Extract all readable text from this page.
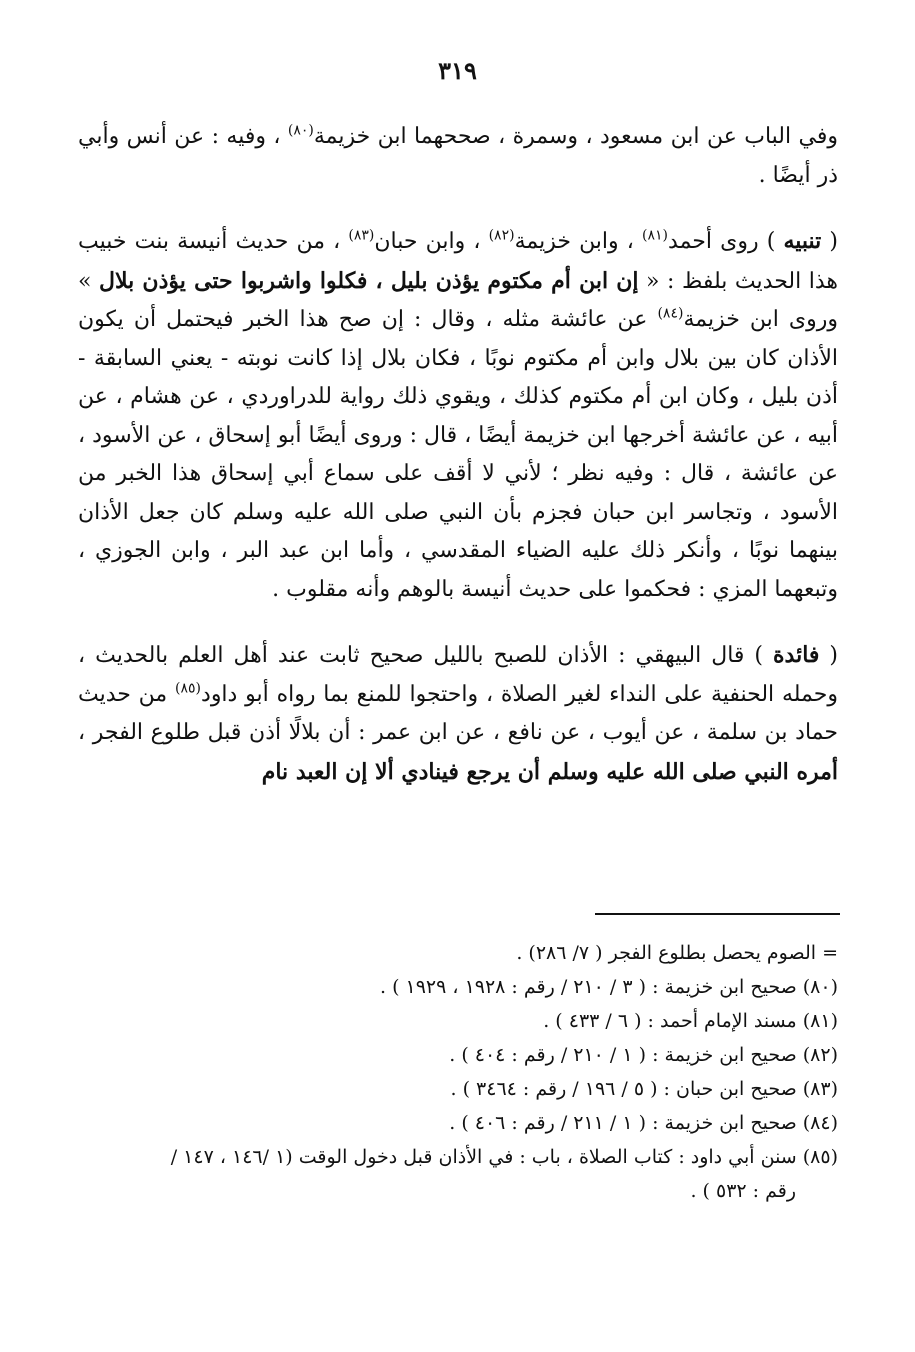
٣١٩

وفي الباب عن ابن مسعود ، وسمرة ، صححهما ابن خزيمة$^{(٨٠)}$ ، وفيه : عن أنس وأبي ذر أيضًا .

( تنبيه ) روى أحمد$^{(٨١)}$ ، وابن خزيمة$^{(٨٢)}$ ، وابن حبان$^{(٨٣)}$ ، من حديث أنيسة بنت خبيب هذا الحديث بلفظ : « إن ابن أم مكتوم يؤذن بليل ، فكلوا واشربوا حتى يؤذن بلال » وروى ابن خزيمة$^{(٨٤)}$ عن عائشة مثله ، وقال : إن صح هذا الخبر فيحتمل أن يكون الأذان كان بين بلال وابن أم مكتوم نوبًا ، فكان بلال إذا كانت نوبته - يعني السابقة - أذن بليل ، وكان ابن أم مكتوم كذلك ، ويقوي ذلك رواية للدراوردي ، عن هشام ، عن أبيه ، عن عائشة أخرجها ابن خزيمة أيضًا ، قال : وروى أيضًا أبو إسحاق ، عن الأسود ، عن عائشة ، قال : وفيه نظر ؛ لأني لا أقف على سماع أبي إسحاق هذا الخبر من الأسود ، وتجاسر ابن حبان فجزم بأن النبي صلى الله عليه وسلم كان جعل الأذان بينهما نوبًا ، وأنكر ذلك عليه الضياء المقدسي ، وأما ابن عبد البر ، وابن الجوزي ، وتبعهما المزي : فحكموا على حديث أنيسة بالوهم وأنه مقلوب .

( فائدة ) قال البيهقي : الأذان للصبح بالليل صحيح ثابت عند أهل العلم بالحديث ، وحمله الحنفية على النداء لغير الصلاة ، واحتجوا للمنع بما رواه أبو داود$^{(٨٥)}$ من حديث حماد بن سلمة ، عن أيوب ، عن نافع ، عن ابن عمر : أن بلالًا أذن قبل طلوع الفجر ، أمره النبي صلى الله عليه وسلم أن يرجع فينادي ألا إن العبد نام

= الصوم يحصل بطلوع الفجر ( ٧/ ٢٨٦) .

(٨٠)صحيح ابن خزيمة : ( ٣ / ٢١٠ / رقم : ١٩٢٨ ، ١٩٢٩ ) .

(٨١)مسند الإمام أحمد : ( ٦ / ٤٣٣ ) .

(٨٢)صحيح ابن خزيمة : ( ١ / ٢١٠ / رقم : ٤٠٤ ) .

(٨٣)صحيح ابن حبان : ( ٥ / ١٩٦ / رقم : ٣٤٦٤ ) .

(٨٤)صحيح ابن خزيمة : ( ١ / ٢١١ / رقم : ٤٠٦ ) .

(٨٥)سنن أبي داود : كتاب الصلاة ، باب : في الأذان قبل دخول الوقت (١ /١٤٦ ، ١٤٧ /

رقم : ٥٣٢ ) .
